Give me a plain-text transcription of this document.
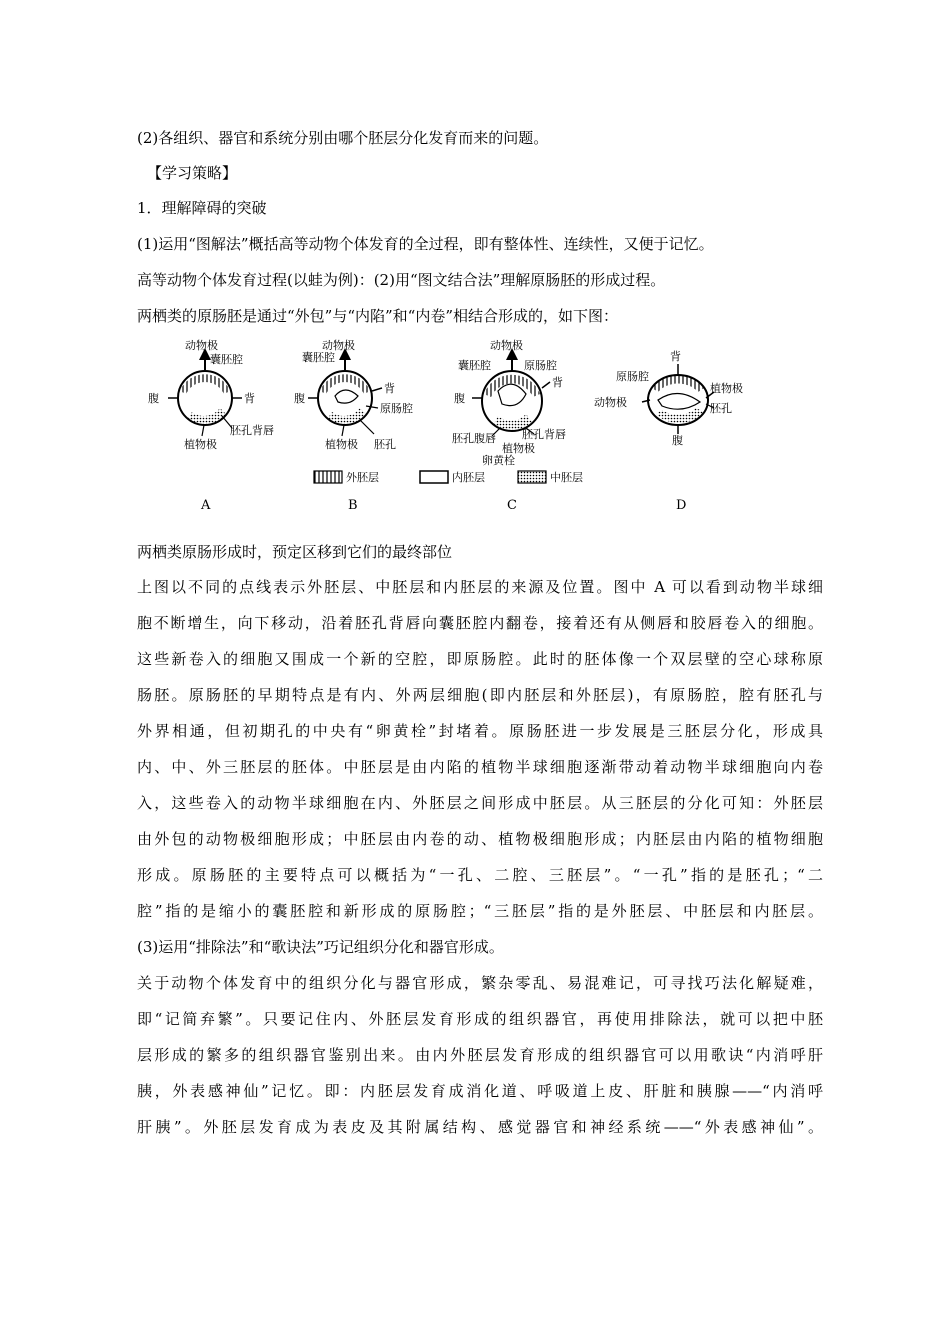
(2)各组织、器官和系统分别由哪个胚层分化发育而来的问题。
【学习策略】
1．理解障碍的突破
(1)运用“图解法”概括高等动物个体发育的全过程，即有整体性、连续性，又便于记忆。
高等动物个体发育过程(以蛙为例)：(2)用“图文结合法”理解原肠胚的形成过程。
两栖类的原肠胚是通过“外包”与“内陷”和“内卷”相结合形成的，如下图：
动物极
囊胚腔
腹	背
胚孔背唇
植物极
动物极
囊胚腔
腹
背
原肠腔
植物极 胚孔
动物极
囊胚腔	原肠腔
背
腹
胚孔腹唇 胚孔背唇
植物极
卵黄栓
背
原肠腔
植物极
动物极	胚孔
腹
外胚层	内胚层	中胚层
A	B	C	D
两栖类原肠形成时，预定区移到它们的最终部位
上图以不同的点线表示外胚层、中胚层和内胚层的来源及位置。图中 A 可以看到动物半球细
胞不断增生，向下移动，沿着胚孔背唇向囊胚腔内翻卷，接着还有从侧唇和胶唇卷入的细胞。
这些新卷入的细胞又围成一个新的空腔，即原肠腔。此时的胚体像一个双层壁的空心球称原
肠胚。原肠胚的早期特点是有内、外两层细胞(即内胚层和外胚层)，有原肠腔，腔有胚孔与
外界相通，但初期孔的中央有“卵黄栓”封堵着。原肠胚进一步发展是三胚层分化，形成具
内、中、外三胚层的胚体。中胚层是由内陷的植物半球细胞逐渐带动着动物半球细胞向内卷
入，这些卷入的动物半球细胞在内、外胚层之间形成中胚层。从三胚层的分化可知：外胚层
由外包的动物极细胞形成；中胚层由内卷的动、植物极细胞形成；内胚层由内陷的植物细胞
形成。原肠胚的主要特点可以概括为“一孔、二腔、三胚层”。“一孔”指的是胚孔；“二
腔”指的是缩小的囊胚腔和新形成的原肠腔；“三胚层”指的是外胚层、中胚层和内胚层。
(3)运用“排除法”和“歌诀法”巧记组织分化和器官形成。
关于动物个体发育中的组织分化与器官形成，繁杂零乱、易混难记，可寻找巧法化解疑难，
即“记简弃繁”。只要记住内、外胚层发育形成的组织器官，再使用排除法，就可以把中胚
层形成的繁多的组织器官鉴别出来。由内外胚层发育形成的组织器官可以用歌诀“内消呼肝
胰，外表感神仙”记忆。即：内胚层发育成消化道、呼吸道上皮、肝脏和胰腺——“内消呼
肝胰”。外胚层发育成为表皮及其附属结构、感觉器官和神经系统——“外表感神仙”。
